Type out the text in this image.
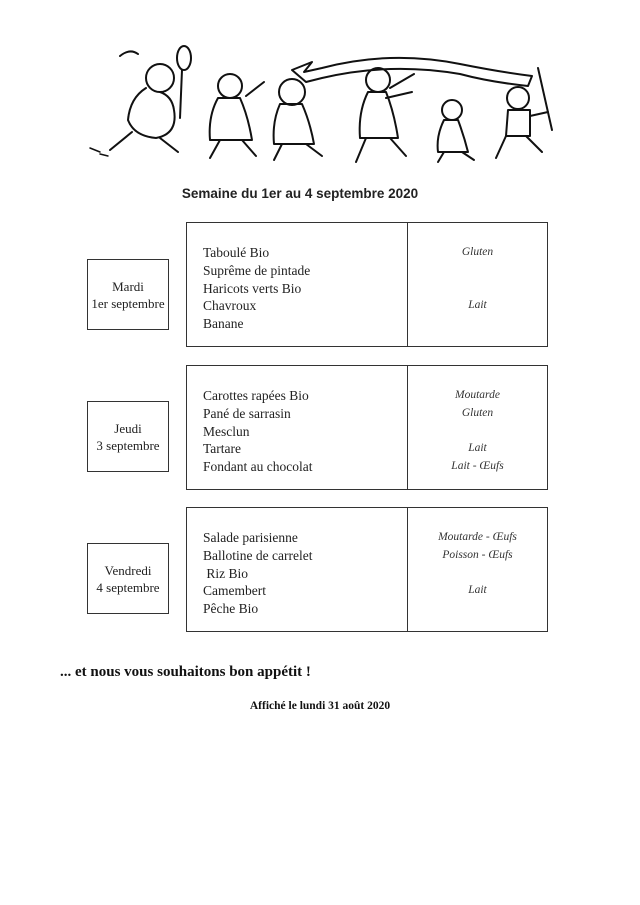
Semaine du 1er au 4 septembre 2020
Mardi
1er septembre
Taboulé Bio
Suprême de pintade
Haricots verts Bio
Chavroux
Banane
Gluten
Lait
Jeudi
3 septembre
Carottes rapées Bio
Pané de sarrasin
Mesclun
Tartare
Fondant au chocolat
Moutarde
Gluten
Lait
Lait - Œufs
Vendredi
4 septembre
Salade parisienne
Ballotine de carrelet
Riz Bio
Camembert
Pêche Bio
Moutarde - Œufs
Poisson - Œufs
Lait
... et nous vous souhaitons bon appétit !
Affiché le lundi 31 août 2020
